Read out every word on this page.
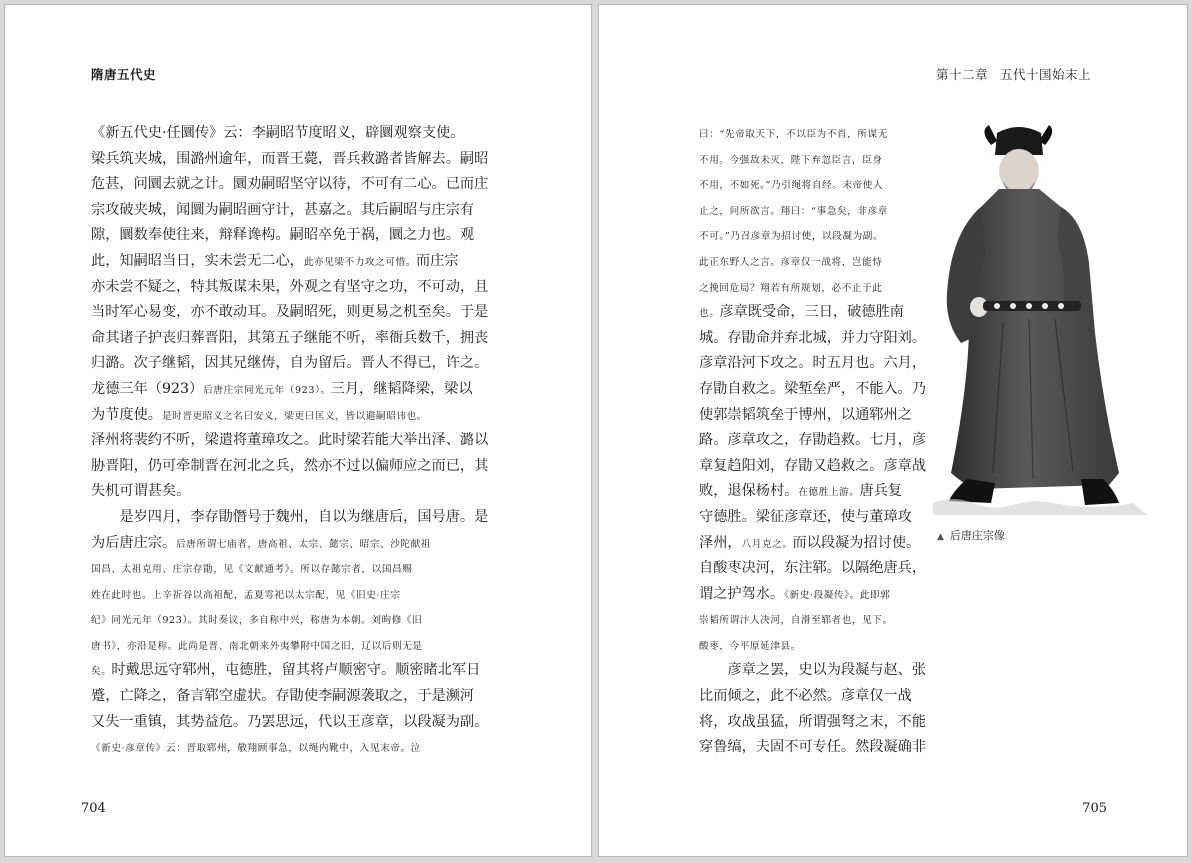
隋唐五代史
《新五代史·任圜传》云：李嗣昭节度昭义，辟圜观察支使。
梁兵筑夹城，围潞州逾年，而晋王薨，晋兵救潞者皆解去。嗣昭
危甚，问圜去就之计。圜劝嗣昭坚守以待，不可有二心。已而庄
宗攻破夹城，闻圜为嗣昭画守计，甚嘉之。其后嗣昭与庄宗有
隙，圜数奉使往来，辩释谗构。嗣昭卒免于祸，圜之力也。观
此，知嗣昭当日，实未尝无二心，此亦见梁不力攻之可惜。而庄宗
亦未尝不疑之，特其叛谋未果，外观之有坚守之功，不可动，且
当时军心易变，亦不敢动耳。及嗣昭死，则更易之机至矣。于是
命其诸子护丧归葬晋阳，其第五子继能不听，率衙兵数千，拥丧
归潞。次子继韬，因其兄继俦，自为留后。晋人不得已，许之。
龙德三年（923）后唐庄宗同光元年（923）。三月，继韬降梁，梁以
为节度使。是时晋更昭义之名曰安义，梁更曰匡义，皆以避嗣昭讳也。
泽州将裴约不听，梁遣将董璋攻之。此时梁若能大举出泽、潞以
胁晋阳，仍可牵制晋在河北之兵，然亦不过以偏师应之而已，其
失机可谓甚矣。
　　是岁四月，李存勖僭号于魏州，自以为继唐后，国号唐。是
为后唐庄宗。后唐所谓七庙者，唐高祖、太宗、懿宗、昭宗、沙陀献祖
国昌、太祖克用、庄宗存勖，见《文献通考》。所以存懿宗者，以国昌赐
姓在此时也。上辛祈谷以高祖配，孟夏雩祀以太宗配，见《旧史·庄宗
纪》同光元年（923）。其时奏议，多自称中兴，称唐为本朝。刘昫修《旧
唐书》，亦沿是称。此尚是晋、南北朝来外夷攀附中国之旧，辽以后则无是
矣。时戴思远守郓州，屯德胜，留其将卢顺密守。顺密睹北军日
蹙，亡降之，备言郓空虚状。存勖使李嗣源袭取之，于是濒河
又失一重镇，其势益危。乃罢思远，代以王彦章，以段凝为副。
《新史·彦章传》云：晋取郓州，敬翔顾事急，以绳内靴中，入见末帝。泣
704
第十二章 五代十国始末上
曰：“先帝取天下，不以臣为不肖，所谋无
不用。今强敌未灭，陛下弃忽臣言，臣身
不用，不如死。”乃引绳将自经。末帝使人
止之，问所欲言。翔曰：“事急矣，非彦章
不可。”乃召彦章为招讨使，以段凝为副。
此正东野人之言。彦章仅一战将，岂能恃
之挽回危局？翔若有所规划，必不止于此
也。彦章既受命，三日，破德胜南
城。存勖命并弃北城，并力守阳刘。
彦章沿河下攻之。时五月也。六月，
存勖自救之。梁堑垒严，不能入。乃
使郭崇韬筑垒于博州，以通郓州之
路。彦章攻之，存勖趋救。七月，彦
章复趋阳刘，存勖又趋救之。彦章战
败，退保杨村。在德胜上游。唐兵复
守德胜。梁征彦章还，使与董璋攻
泽州，八月克之。而以段凝为招讨使。
自酸枣决河，东注郓。以隔绝唐兵，
谓之护驾水。《新史·段凝传》。此即郭
崇韬所谓汴人决河，自滑至郓者也，见下。
酸枣，今平原延津县。
　　彦章之罢，史以为段凝与赵、张
比而倾之，此不必然。彦章仅一战
将，攻战虽猛，所谓强弩之末，不能
穿鲁缟，夫固不可专任。然段凝确非
▲ 后唐庄宗像
705
